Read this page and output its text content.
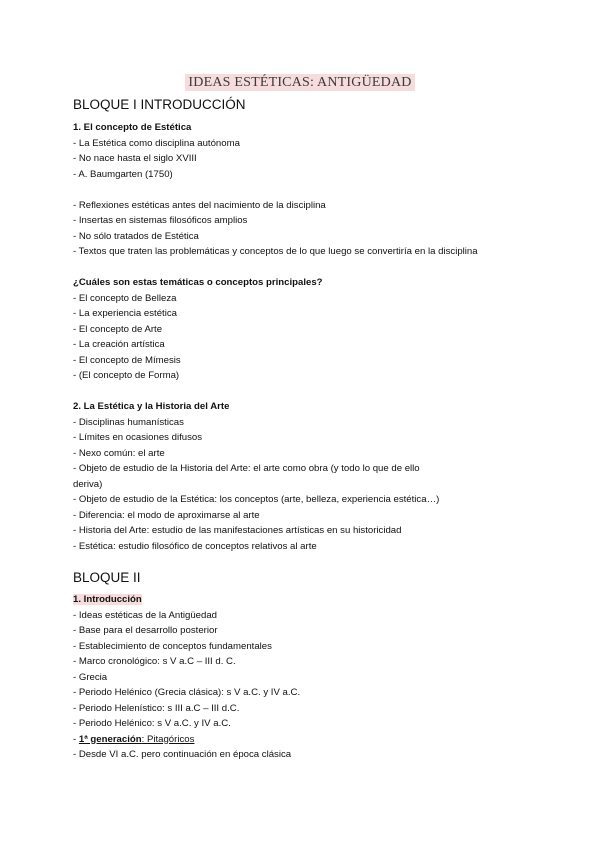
IDEAS ESTÉTICAS: ANTIGÜEDAD
BLOQUE I INTRODUCCIÓN

1. El concepto de Estética

- La Estética como disciplina autónoma

- No nace hasta el siglo XVIII

- A. Baumgarten (1750)

- Reflexiones estéticas antes del nacimiento de la disciplina

- Insertas en sistemas filosóficos amplios

- No sólo tratados de Estética

- Textos que traten las problemáticas y conceptos de lo que luego se convertiría en la disciplina

¿Cuáles son estas temáticas o conceptos principales?

- El concepto de Belleza

- La experiencia estética

- El concepto de Arte

- La creación artística

- El concepto de Mímesis

- (El concepto de Forma)

2. La Estética y la Historia del Arte

- Disciplinas humanísticas

- Límites en ocasiones difusos

- Nexo común: el arte

- Objeto de estudio de la Historia del Arte: el arte como obra (y todo lo que de ello

deriva)

- Objeto de estudio de la Estética: los conceptos (arte, belleza, experiencia estética…)

- Diferencia: el modo de aproximarse al arte

- Historia del Arte: estudio de las manifestaciones artísticas en su historicidad

- Estética: estudio filosófico de conceptos relativos al arte

BLOQUE II

1. Introducción

- Ideas estéticas de la Antigüedad

- Base para el desarrollo posterior

- Establecimiento de conceptos fundamentales

- Marco cronológico: s V a.C – III d. C.

- Grecia

- Periodo Helénico (Grecia clásica): s V a.C. y IV a.C.

- Periodo Helenístico: s III a.C – III d.C.

- Periodo Helénico: s V a.C. y IV a.C.

- 1ª generación: Pitagóricos

- Desde VI a.C. pero continuación en época clásica
